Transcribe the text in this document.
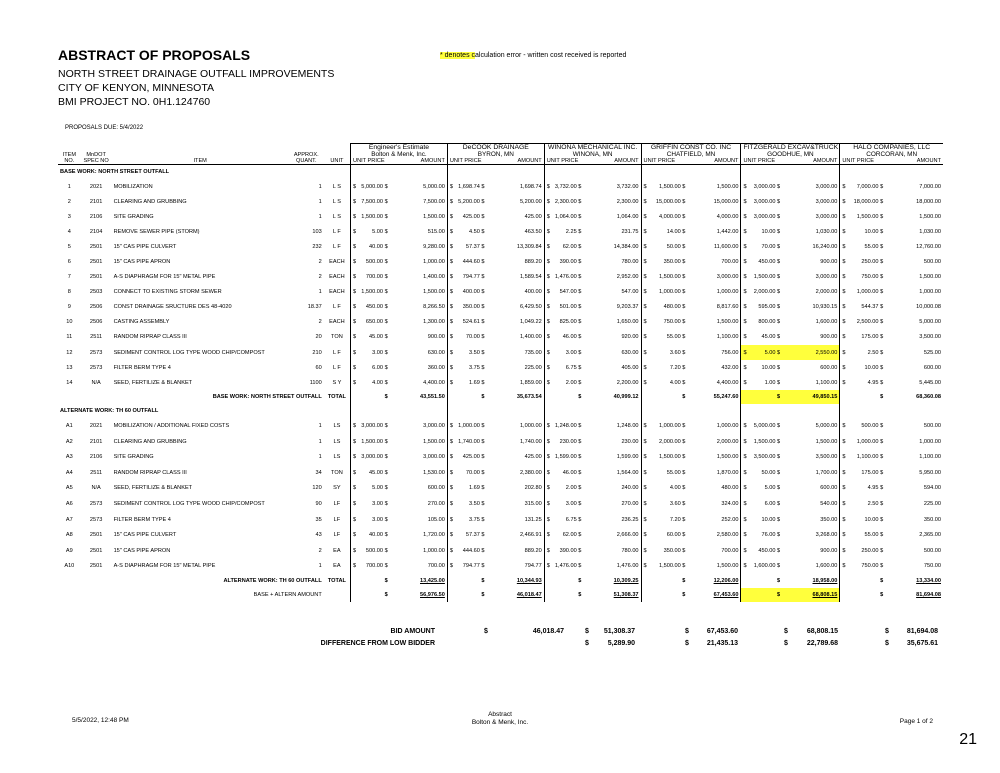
ABSTRACT OF PROPOSALS
NORTH STREET DRAINAGE OUTFALL IMPROVEMENTS
CITY OF KENYON, MINNESOTA
BMI PROJECT NO. 0H1.124760
* denotes calculation error - written cost received is reported
PROPOSALS DUE: 5/4/2022
					Engineer's Estimate		DeCOOK DRAINAGE		WINONA MECHANICAL INC.		GRIFFIN CONST CO. INC		FITZGERALD EXCAV&TRUCK		HALO COMPANIES, LLC	
ITEM	MnDOT		APPROX.		Bolton & Menk, Inc.		BYRON, MN		WINONA, MN		CHATFIELD, MN		GOODHUE, MN		CORCORAN, MN	
NO.	SPEC NO	ITEM	QUANT.	UNIT	UNIT PRICE	AMOUNT	UNIT PRICE	AMOUNT	UNIT PRICE	AMOUNT	UNIT PRICE	AMOUNT	UNIT PRICE	AMOUNT	UNIT PRICE	AMOUNT
BASE WORK: NORTH STREET OUTFALL																
1	2021	MOBILIZATION	1	L S	$ 5,000.00 $	5,000.00	$ 1,698.74 $	1,698.74	$ 3,732.00 $	3,732.00	$ 1,500.00 $	1,500.00	$ 3,000.00 $	3,000.00	$ 7,000.00 $	7,000.00
2	2101	CLEARING AND GRUBBING	1	L S	$ 7,500.00 $	7,500.00	$ 5,200.00 $	5,200.00	$ 2,300.00 $	2,300.00	$ 15,000.00 $	15,000.00	$ 3,000.00 $	3,000.00	$ 18,000.00 $	18,000.00
3	2106	SITE GRADING	1	L S	$ 1,500.00 $	1,500.00	$ 425.00 $	425.00	$ 1,064.00 $	1,064.00	$ 4,000.00 $	4,000.00	$ 3,000.00 $	3,000.00	$ 1,500.00 $	1,500.00
4	2104	REMOVE SEWER PIPE (STORM)	103	L F	$ 5.00 $	515.00	$ 4.50 $	463.50	$ 2.25 $	231.75	$ 14.00 $	1,442.00	$ 10.00 $	1,030.00	$ 10.00 $	1,030.00
5	2501	15" CAS PIPE CULVERT	232	L F	$ 40.00 $	9,280.00	$ 57.37 $	13,309.84	$ 62.00 $	14,384.00	$ 50.00 $	11,600.00	$ 70.00 $	16,240.00	$ 55.00 $	12,760.00
6	2501	15" CAS PIPE APRON	2	EACH	$ 500.00 $	1,000.00	$ 444.60 $	889.20	$ 390.00 $	780.00	$ 350.00 $	700.00	$ 450.00 $	900.00	$ 250.00 $	500.00
7	2501	A-S DIAPHRAGM FOR 15" METAL PIPE	2	EACH	$ 700.00 $	1,400.00	$ 794.77 $	1,589.54	$ 1,476.00 $	2,952.00	$ 1,500.00 $	3,000.00	$ 1,500.00 $	3,000.00	$ 750.00 $	1,500.00
8	2503	CONNECT TO EXISTING STORM SEWER	1	EACH	$ 1,500.00 $	1,500.00	$ 400.00 $	400.00	$ 547.00 $	547.00	$ 1,000.00 $	1,000.00	$ 2,000.00 $	2,000.00	$ 1,000.00 $	1,000.00
9	2506	CONST DRAINAGE SRUCTURE DES 48-4020	18.37	L F	$ 450.00 $	8,266.50	$ 350.00 $	6,429.50	$ 501.00 $	9,203.37	$ 480.00 $	8,817.60	$ 595.00 $	10,930.15	$ 544.37 $	10,000.08
10	2506	CASTING ASSEMBLY	2	EACH	$ 650.00 $	1,300.00	$ 524.61 $	1,049.22	$ 825.00 $	1,650.00	$ 750.00 $	1,500.00	$ 800.00 $	1,600.00	$ 2,500.00 $	5,000.00
11	2511	RANDOM RIPRAP CLASS III	20	TON	$ 45.00 $	900.00	$ 70.00 $	1,400.00	$ 46.00 $	920.00	$ 55.00 $	1,100.00	$ 45.00 $	900.00	$ 175.00 $	3,500.00
12	2573	SEDIMENT CONTROL LOG TYPE WOOD CHIP/COMPOST	210	L F	$ 3.00 $	630.00	$ 3.50 $	735.00	$ 3.00 $	630.00	$ 3.60 $	756.00	$ 5.00 $	2,550.00	$ 2.50 $	525.00
13	2573	FILTER BERM TYPE 4	60	L F	$ 6.00 $	360.00	$ 3.75 $	225.00	$ 6.75 $	405.00	$ 7.20 $	432.00	$ 10.00 $	600.00	$ 10.00 $	600.00
14	N/A	SEED, FERTILIZE & BLANKET	1100	S Y	$ 4.00 $	4,400.00	$ 1.69 $	1,859.00	$ 2.00 $	2,200.00	$ 4.00 $	4,400.00	$ 1.00 $	1,100.00	$ 4.95 $	5,445.00
BASE WORK: NORTH STREET OUTFALL				TOTAL	$	43,551.50	$	35,673.54	$	40,999.12	$	55,247.60	$	49,850.15	$	68,360.08
ALTERNATE WORK: TH 60 OUTFALL																
A1	2021	MOBILIZATION / ADDITIONAL FIXED COSTS	1	LS	$ 3,000.00 $	3,000.00	$ 1,000.00 $	1,000.00	$ 1,248.00 $	1,248.00	$ 1,000.00 $	1,000.00	$ 5,000.00 $	5,000.00	$ 500.00 $	500.00
A2	2101	CLEARING AND GRUBBING	1	LS	$ 1,500.00 $	1,500.00	$ 1,740.00 $	1,740.00	$ 230.00 $	230.00	$ 2,000.00 $	2,000.00	$ 1,500.00 $	1,500.00	$ 1,000.00 $	1,000.00
A3	2106	SITE GRADING	1	LS	$ 3,000.00 $	3,000.00	$ 425.00 $	425.00	$ 1,599.00 $	1,599.00	$ 1,500.00 $	1,500.00	$ 3,500.00 $	3,500.00	$ 1,100.00 $	1,100.00
A4	2511	RANDOM RIPRAP CLASS III	34	TON	$ 45.00 $	1,530.00	$ 70.00 $	2,380.00	$ 46.00 $	1,564.00	$ 55.00 $	1,870.00	$ 50.00 $	1,700.00	$ 175.00 $	5,950.00
A5	N/A	SEED, FERTILIZE & BLANKET	120	SY	$ 5.00 $	600.00	$ 1.69 $	202.80	$ 2.00 $	240.00	$ 4.00 $	480.00	$ 5.00 $	600.00	$ 4.95 $	594.00
A6	2573	SEDIMENT CONTROL LOG TYPE WOOD CHIP/COMPOST	90	LF	$ 3.00 $	270.00	$ 3.50 $	315.00	$ 3.00 $	270.00	$ 3.60 $	324.00	$ 6.00 $	540.00	$ 2.50 $	225.00
A7	2573	FILTER BERM TYPE 4	35	LF	$ 3.00 $	105.00	$ 3.75 $	131.25	$ 6.75 $	236.25	$ 7.20 $	252.00	$ 10.00 $	350.00	$ 10.00 $	350.00
A8	2501	15" CAS PIPE CULVERT	43	LF	$ 40.00 $	1,720.00	$ 57.37 $	2,466.91	$ 62.00 $	2,666.00	$ 60.00 $	2,580.00	$ 76.00 $	3,268.00	$ 55.00 $	2,365.00
A9	2501	15" CAS PIPE APRON	2	EA	$ 500.00 $	1,000.00	$ 444.60 $	889.20	$ 390.00 $	780.00	$ 350.00 $	700.00	$ 450.00 $	900.00	$ 250.00 $	500.00
A10	2501	A-S DIAPHRAGM FOR 15" METAL PIPE	1	EA	$ 700.00 $	700.00	$ 794.77 $	794.77	$ 1,476.00 $	1,476.00	$ 1,500.00 $	1,500.00	$ 1,600.00 $	1,600.00	$ 750.00 $	750.00
ALTERNATE WORK: TH 60 OUTFALL				TOTAL	$	13,425.00	$	10,344.93	$	10,309.25	$	12,206.00	$	18,958.00	$	13,334.00
BASE + ALTERN AMOUNT					$	56,976.50	$	46,018.47	$	51,308.37	$	67,453.60	$	68,808.15	$	81,694.08
BID AMOUNT	$	46,018.47	$ 51,308.37	$	67,453.60	$	68,808.15	$	81,694.08
DIFFERENCE FROM LOW BIDDER	$	5,289.90	$	21,435.13	$	22,789.68	$	35,675.61
5/5/2022, 12:48 PM
Abstract
Bolton & Menk, Inc.	Page 1 of 2
21
